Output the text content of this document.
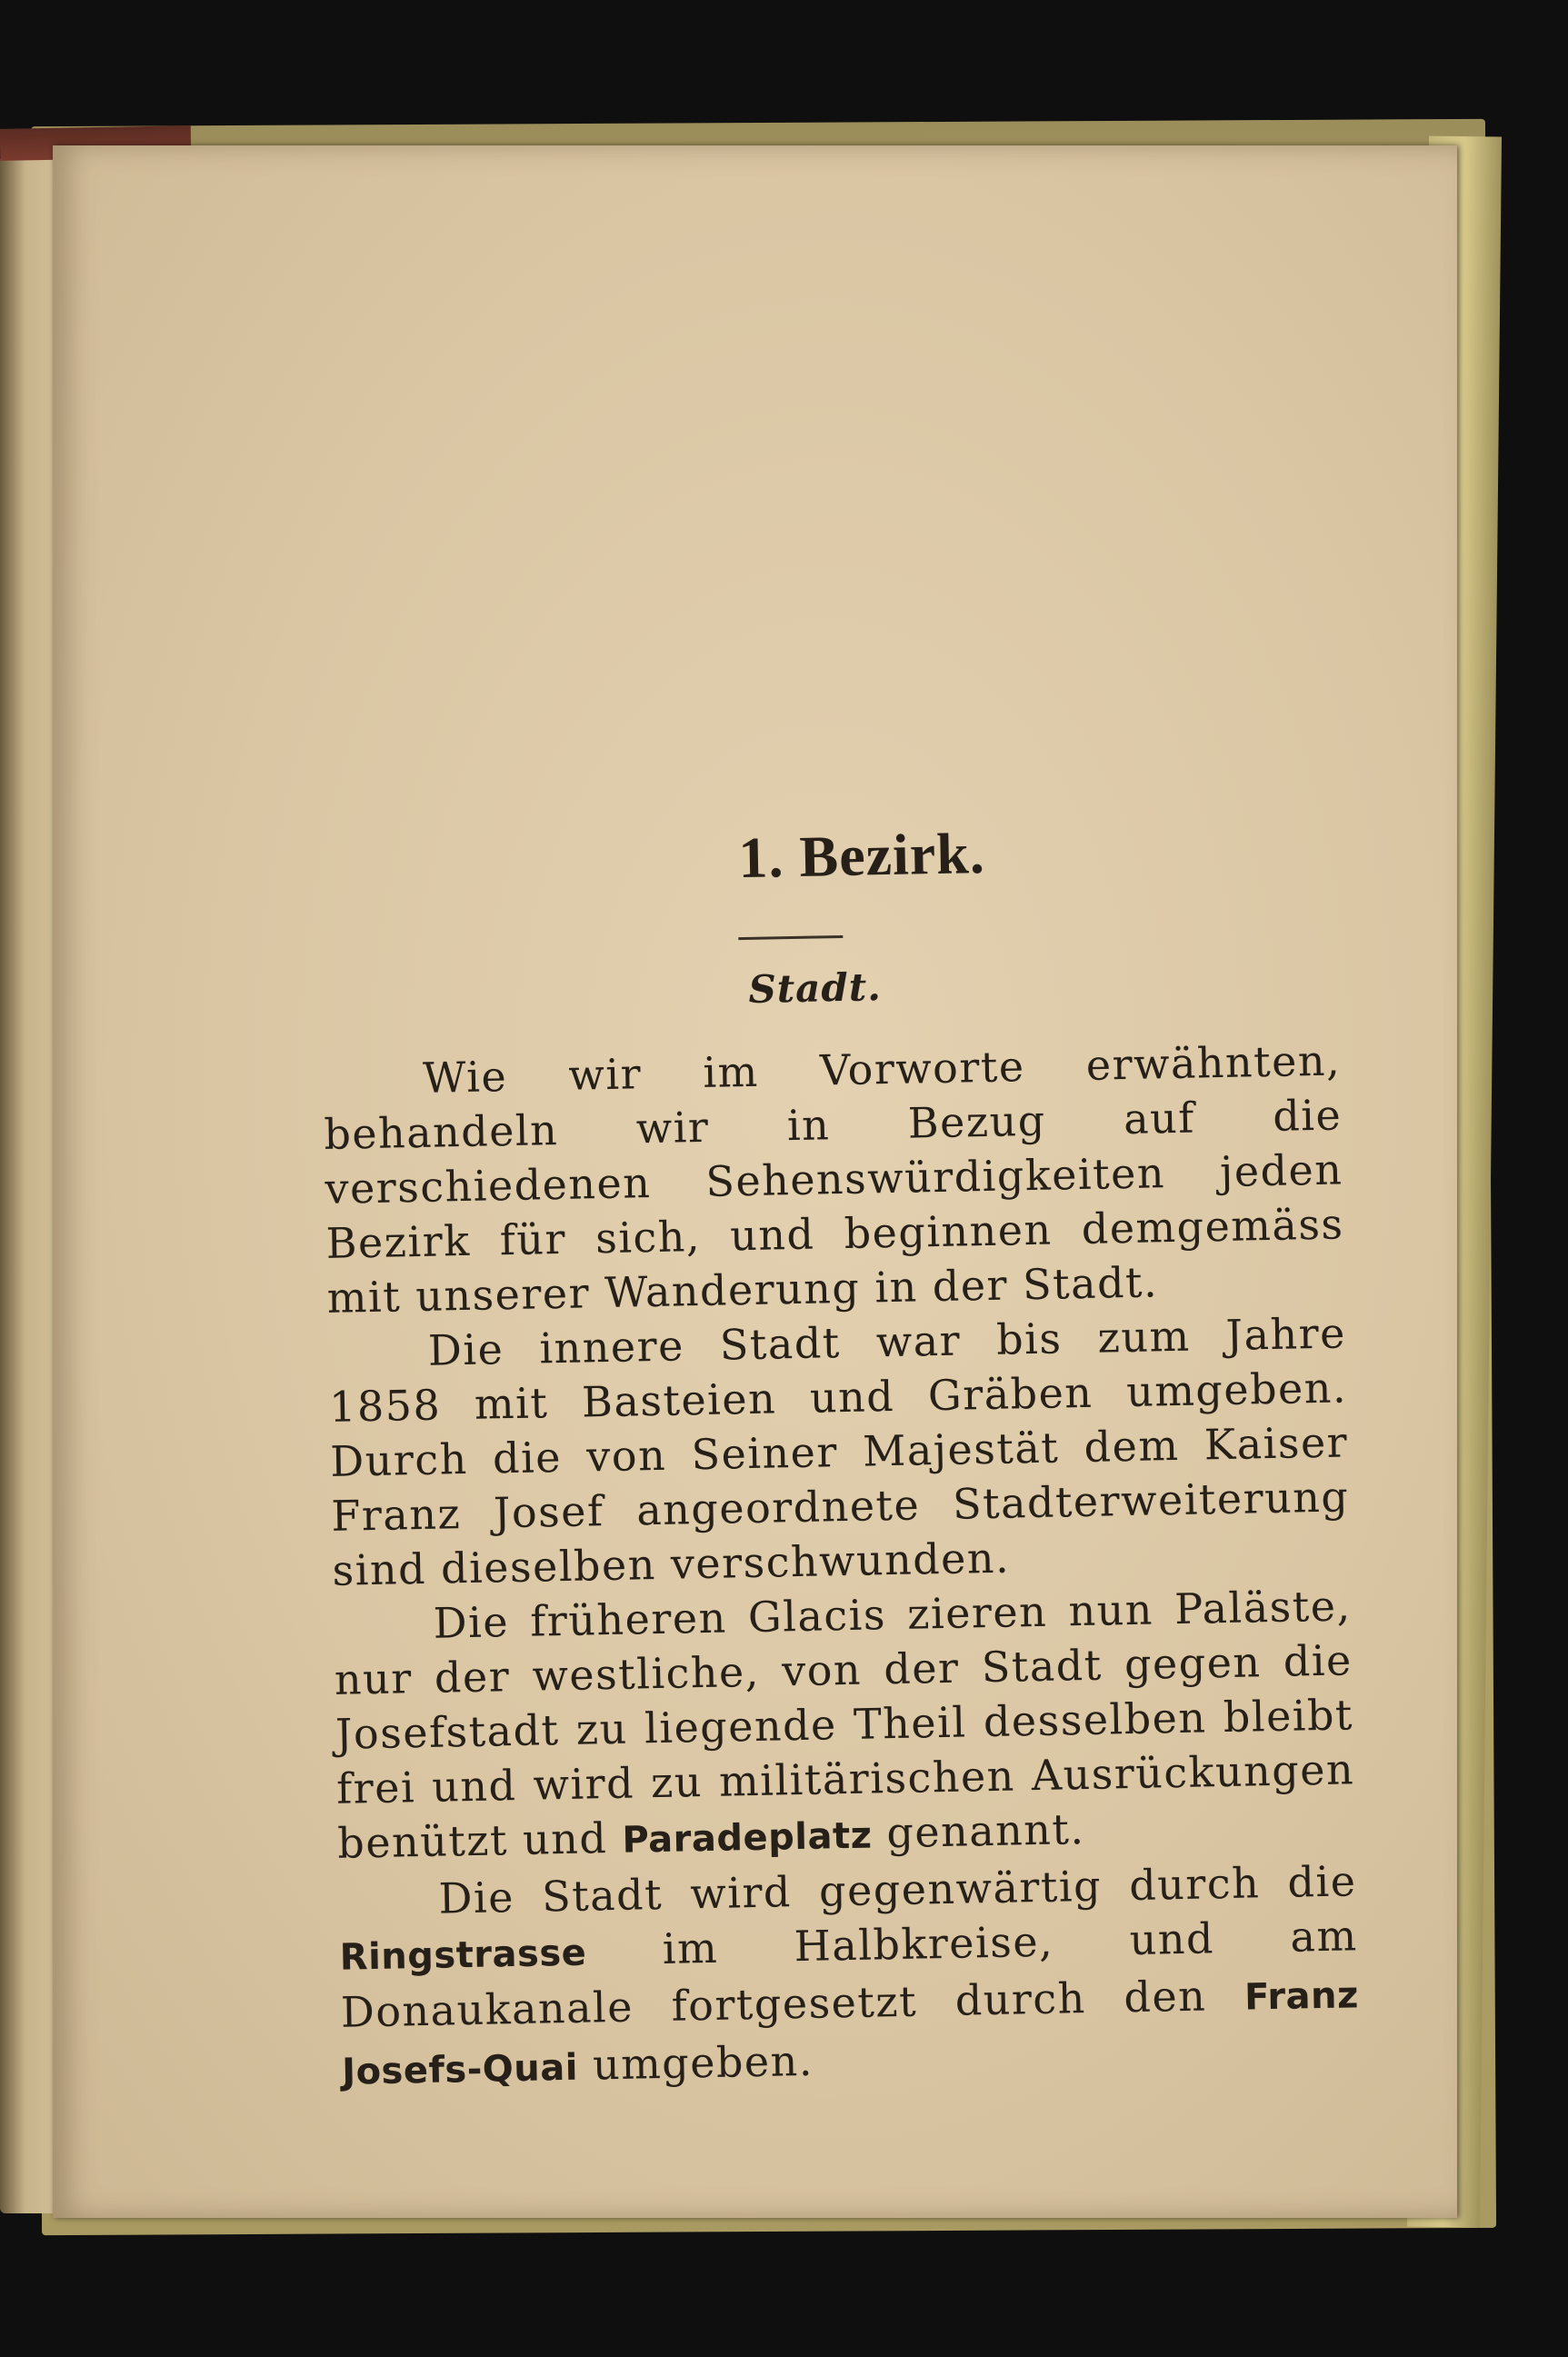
1. Bezirk.
Stadt.

Wie wir im Vorworte erwähnten, behandeln wir in Bezug auf die verschiedenen Sehenswürdigkeiten jeden Bezirk für sich, und beginnen demgemäss mit unserer Wanderung in der Stadt.

Die innere Stadt war bis zum Jahre 1858 mit Basteien und Gräben umgeben. Durch die von Seiner Majestät dem Kaiser Franz Josef angeordnete Stadterweiterung sind dieselben verschwunden.

Die früheren Glacis zieren nun Paläste, nur der westliche, von der Stadt gegen die Josefstadt zu liegende Theil desselben bleibt frei und wird zu militärischen Ausrückungen benützt und Paradeplatz genannt.

Die Stadt wird gegenwärtig durch die Ringstrasse im Halbkreise, und am Donaukanale fortgesetzt durch den Franz Josefs-Quai umgeben.
